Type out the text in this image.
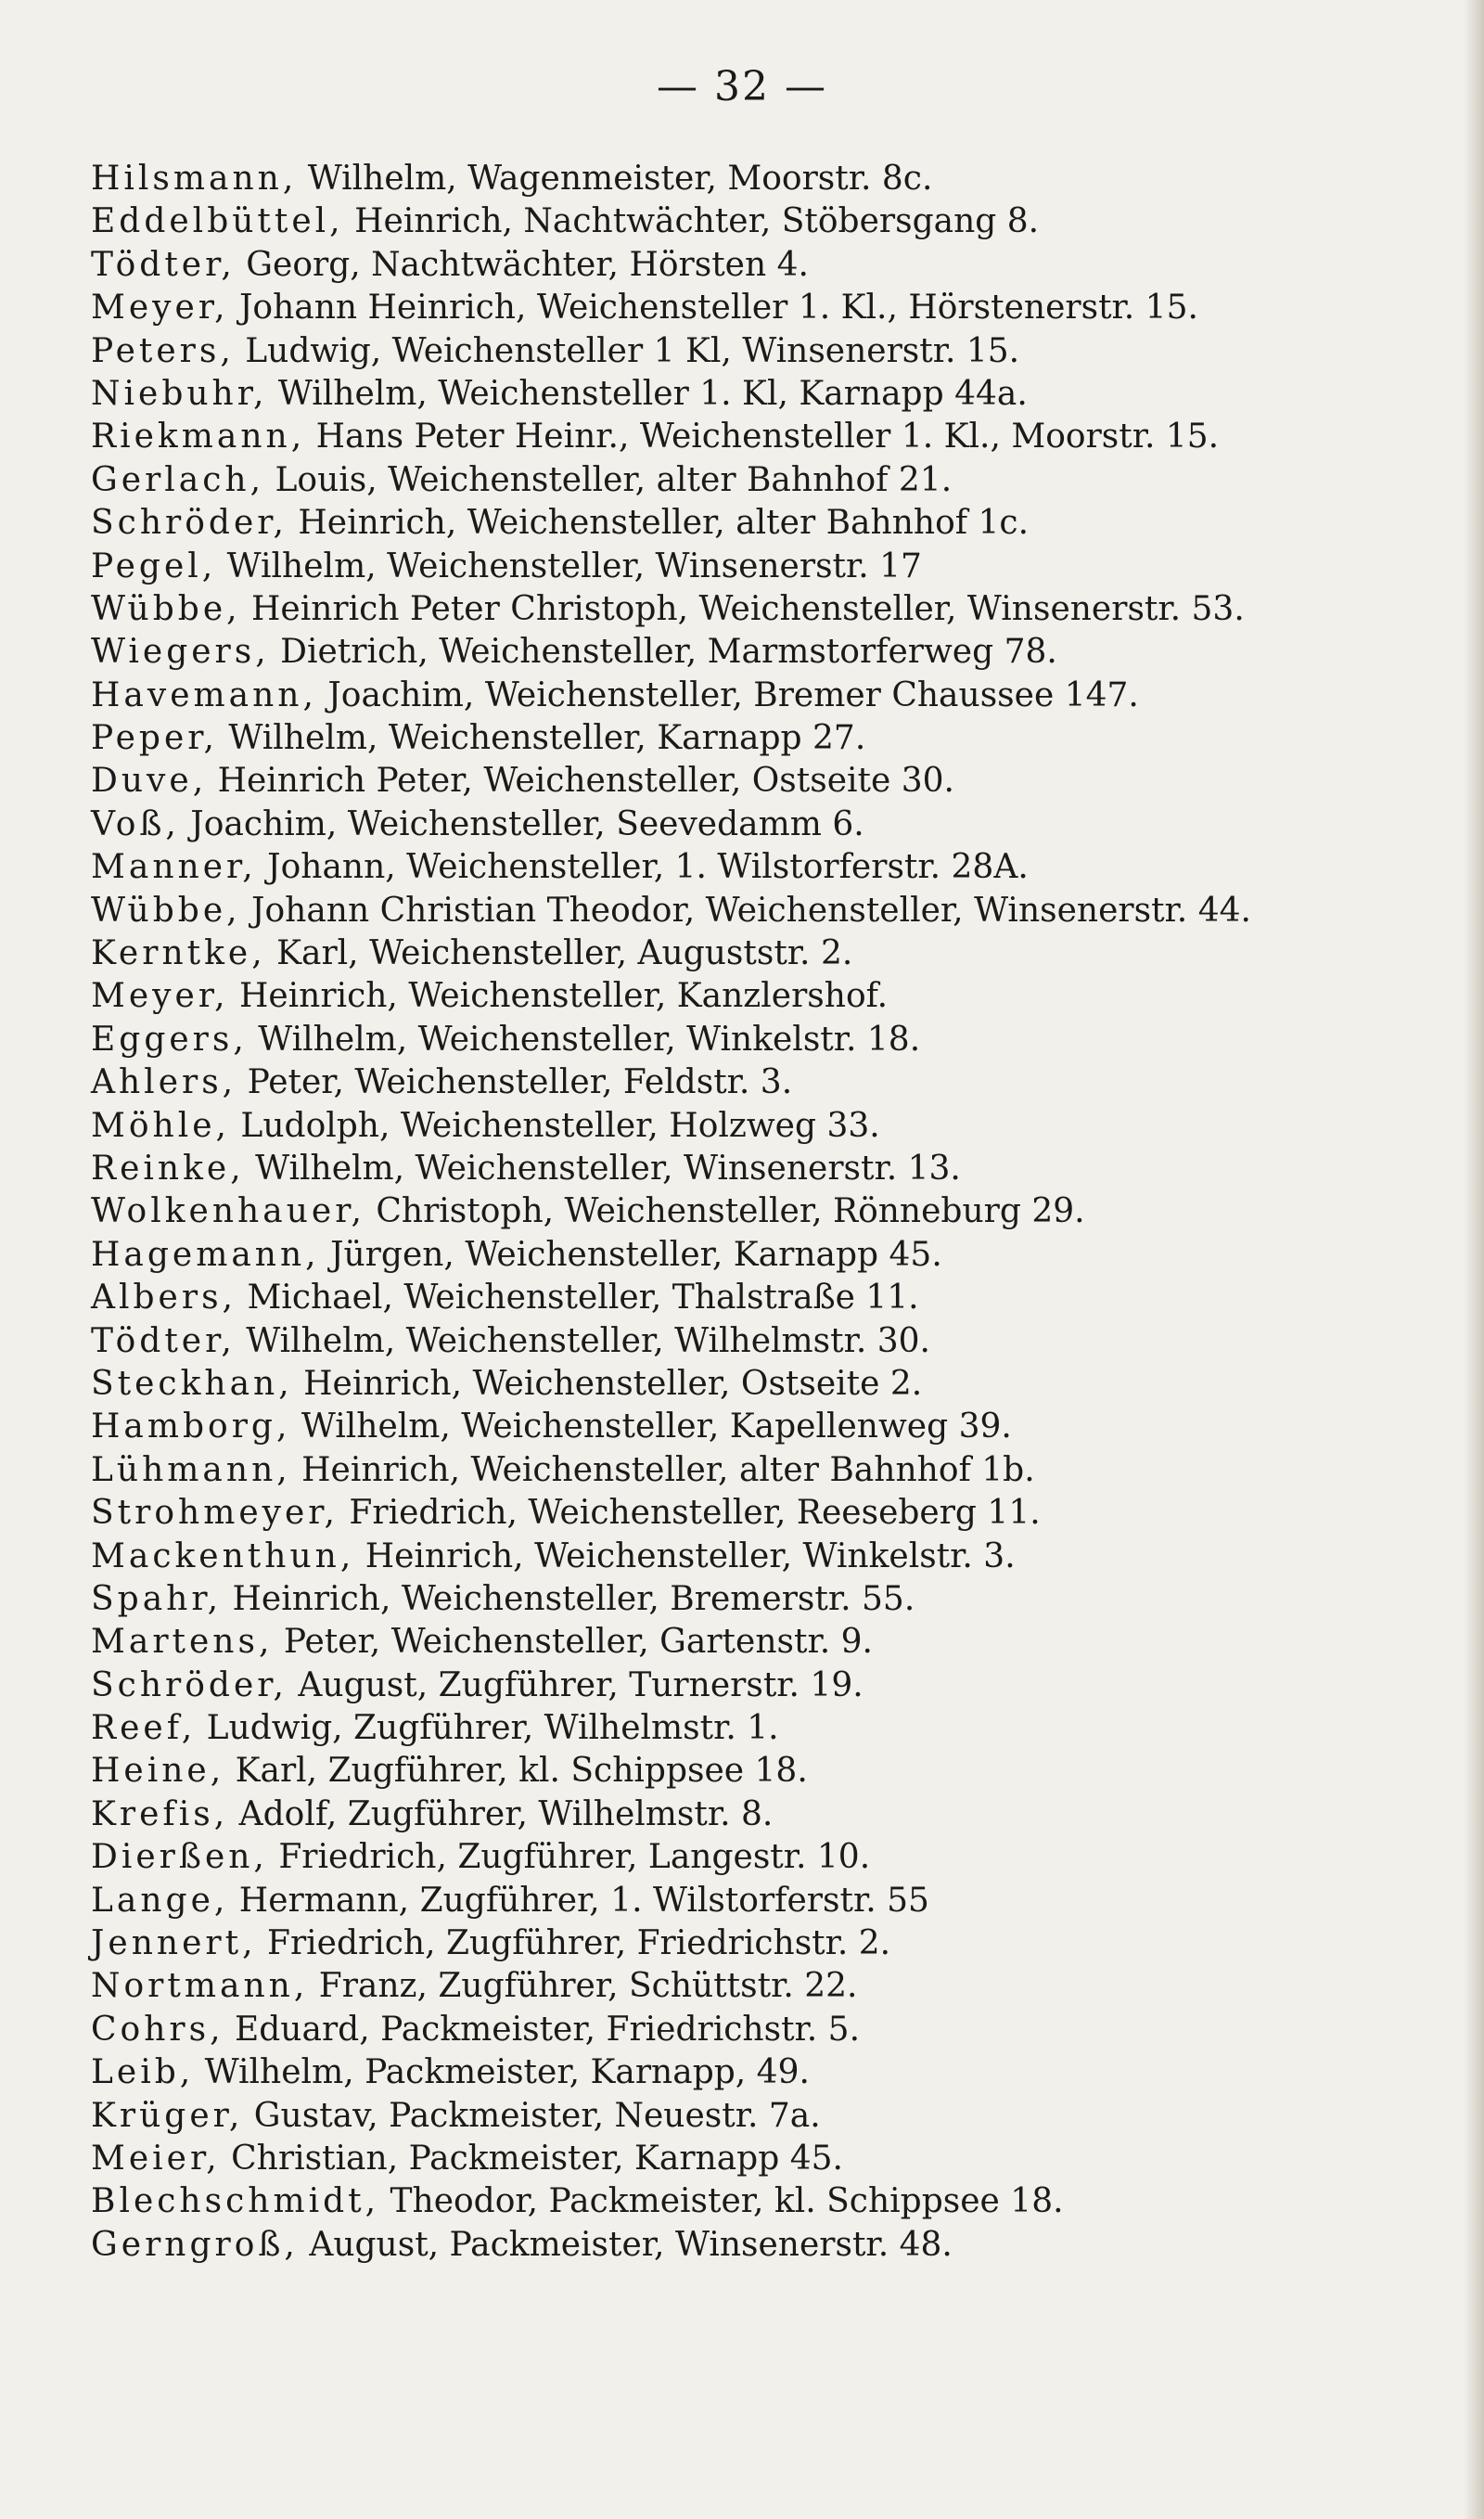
— 32 —
Hilsmann, Wilhelm, Wagenmeister, Moorstr. 8c.
Eddelbüttel, Heinrich, Nachtwächter, Stöbersgang 8.
Tödter, Georg, Nachtwächter, Hörsten 4.
Meyer, Johann Heinrich, Weichensteller 1. Kl., Hörstenerstr. 15.
Peters, Ludwig, Weichensteller 1 Kl, Winsenerstr. 15.
Niebuhr, Wilhelm, Weichensteller 1. Kl, Karnapp 44a.
Riekmann, Hans Peter Heinr., Weichensteller 1. Kl., Moorstr. 15.
Gerlach, Louis, Weichensteller, alter Bahnhof 21.
Schröder, Heinrich, Weichensteller, alter Bahnhof 1c.
Pegel, Wilhelm, Weichensteller, Winsenerstr. 17
Wübbe, Heinrich Peter Christoph, Weichensteller, Winsenerstr. 53.
Wiegers, Dietrich, Weichensteller, Marmstorferweg 78.
Havemann, Joachim, Weichensteller, Bremer Chaussee 147.
Peper, Wilhelm, Weichensteller, Karnapp 27.
Duve, Heinrich Peter, Weichensteller, Ostseite 30.
Voß, Joachim, Weichensteller, Seevedamm 6.
Manner, Johann, Weichensteller, 1. Wilstorferstr. 28A.
Wübbe, Johann Christian Theodor, Weichensteller, Winsenerstr. 44.
Kerntke, Karl, Weichensteller, Auguststr. 2.
Meyer, Heinrich, Weichensteller, Kanzlershof.
Eggers, Wilhelm, Weichensteller, Winkelstr. 18.
Ahlers, Peter, Weichensteller, Feldstr. 3.
Möhle, Ludolph, Weichensteller, Holzweg 33.
Reinke, Wilhelm, Weichensteller, Winsenerstr. 13.
Wolkenhauer, Christoph, Weichensteller, Rönneburg 29.
Hagemann, Jürgen, Weichensteller, Karnapp 45.
Albers, Michael, Weichensteller, Thalstraße 11.
Tödter, Wilhelm, Weichensteller, Wilhelmstr. 30.
Steckhan, Heinrich, Weichensteller, Ostseite 2.
Hamborg, Wilhelm, Weichensteller, Kapellenweg 39.
Lühmann, Heinrich, Weichensteller, alter Bahnhof 1b.
Strohmeyer, Friedrich, Weichensteller, Reeseberg 11.
Mackenthun, Heinrich, Weichensteller, Winkelstr. 3.
Spahr, Heinrich, Weichensteller, Bremerstr. 55.
Martens, Peter, Weichensteller, Gartenstr. 9.
Schröder, August, Zugführer, Turnerstr. 19.
Reef, Ludwig, Zugführer, Wilhelmstr. 1.
Heine, Karl, Zugführer, kl. Schippsee 18.
Krefis, Adolf, Zugführer, Wilhelmstr. 8.
Dierßen, Friedrich, Zugführer, Langestr. 10.
Lange, Hermann, Zugführer, 1. Wilstorferstr. 55
Jennert, Friedrich, Zugführer, Friedrichstr. 2.
Nortmann, Franz, Zugführer, Schüttstr. 22.
Cohrs, Eduard, Packmeister, Friedrichstr. 5.
Leib, Wilhelm, Packmeister, Karnapp, 49.
Krüger, Gustav, Packmeister, Neuestr. 7a.
Meier, Christian, Packmeister, Karnapp 45.
Blechschmidt, Theodor, Packmeister, kl. Schippsee 18.
Gerngroß, August, Packmeister, Winsenerstr. 48.
